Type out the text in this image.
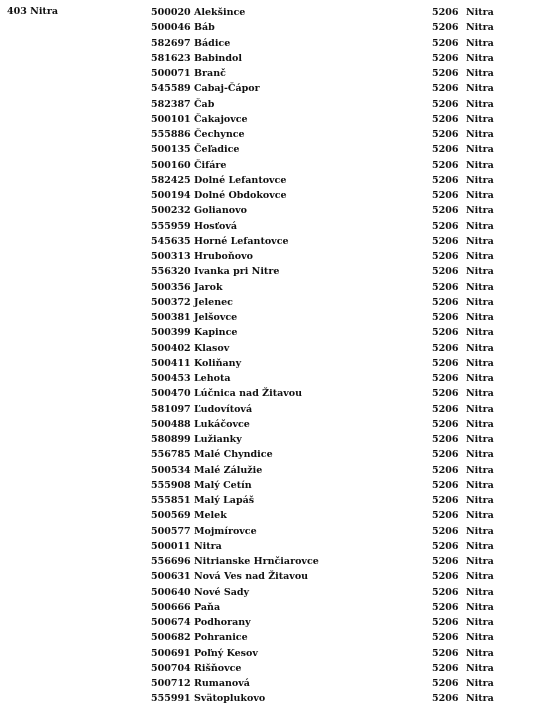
403 Nitra	500020 Alekšince	5206 Nitra
500046 Báb	5206 Nitra
582697 Bádice	5206 Nitra
581623 Babindol	5206 Nitra
500071 Branč	5206 Nitra
545589 Cabaj-Čápor	5206 Nitra
582387 Čab	5206 Nitra
500101 Čakajovce	5206 Nitra
555886 Čechynce	5206 Nitra
500135 Čeľadice	5206 Nitra
500160 Čifáre	5206 Nitra
582425 Dolné Lefantovce	5206 Nitra
500194 Dolné Obdokovce	5206 Nitra
500232 Golianovo	5206 Nitra
555959 Hosťová	5206 Nitra
545635 Horné Lefantovce	5206 Nitra
500313 Hruboňovo	5206 Nitra
556320 Ivanka pri Nitre	5206 Nitra
500356 Jarok	5206 Nitra
500372 Jelenec	5206 Nitra
500381 Jelšovce	5206 Nitra
500399 Kapince	5206 Nitra
500402 Klasov	5206 Nitra
500411 Koliňany	5206 Nitra
500453 Lehota	5206 Nitra
500470 Lúčnica nad Žitavou	5206 Nitra
581097 Ľudovítová	5206 Nitra
500488 Lukáčovce	5206 Nitra
580899 Lužianky	5206 Nitra
556785 Malé Chyndice	5206 Nitra
500534 Malé Zálužie	5206 Nitra
555908 Malý Cetín	5206 Nitra
555851 Malý Lapáš	5206 Nitra
500569 Melek	5206 Nitra
500577 Mojmírovce	5206 Nitra
500011 Nitra	5206 Nitra
556696 Nitrianske Hrnčiarovce	5206 Nitra
500631 Nová Ves nad Žitavou	5206 Nitra
500640 Nové Sady	5206 Nitra
500666 Paňa	5206 Nitra
500674 Podhorany	5206 Nitra
500682 Pohranice	5206 Nitra
500691 Poľný Kesov	5206 Nitra
500704 Rišňovce	5206 Nitra
500712 Rumanová	5206 Nitra
555991 Svätoplukovo	5206 Nitra
